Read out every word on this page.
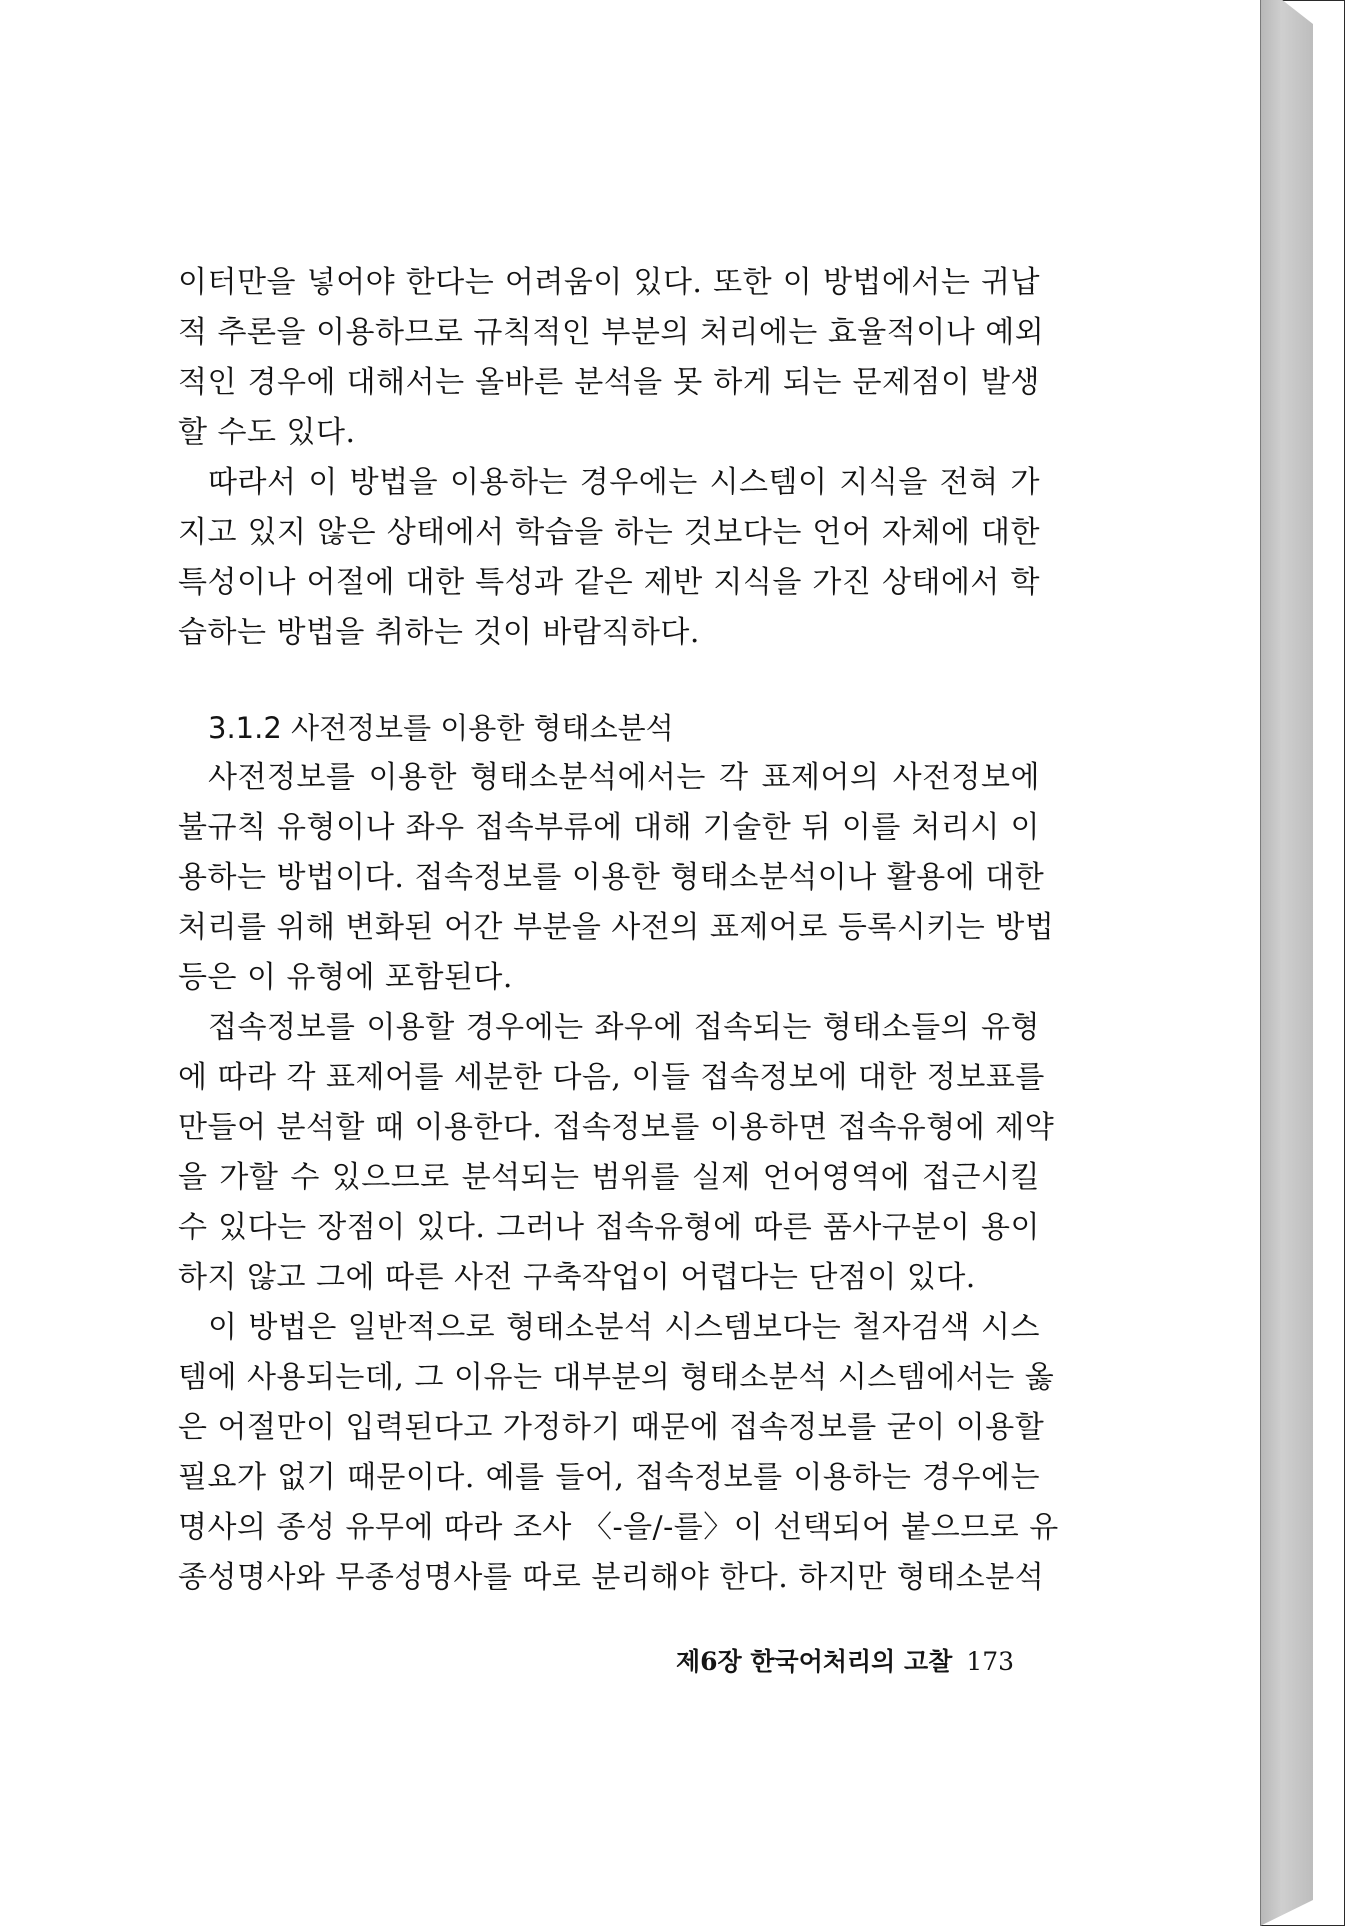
이터만을 넣어야 한다는 어려움이 있다. 또한 이 방법에서는 귀납
적 추론을 이용하므로 규칙적인 부분의 처리에는 효율적이나 예외
적인 경우에 대해서는 올바른 분석을 못 하게 되는 문제점이 발생
할 수도 있다.
따라서 이 방법을 이용하는 경우에는 시스템이 지식을 전혀 가
지고 있지 않은 상태에서 학습을 하는 것보다는 언어 자체에 대한
특성이나 어절에 대한 특성과 같은 제반 지식을 가진 상태에서 학
습하는 방법을 취하는 것이 바람직하다.
3.1.2 사전정보를 이용한 형태소분석
사전정보를 이용한 형태소분석에서는 각 표제어의 사전정보에
불규칙 유형이나 좌우 접속부류에 대해 기술한 뒤 이를 처리시 이
용하는 방법이다. 접속정보를 이용한 형태소분석이나 활용에 대한
처리를 위해 변화된 어간 부분을 사전의 표제어로 등록시키는 방법
등은 이 유형에 포함된다.
접속정보를 이용할 경우에는 좌우에 접속되는 형태소들의 유형
에 따라 각 표제어를 세분한 다음, 이들 접속정보에 대한 정보표를
만들어 분석할 때 이용한다. 접속정보를 이용하면 접속유형에 제약
을 가할 수 있으므로 분석되는 범위를 실제 언어영역에 접근시킬
수 있다는 장점이 있다. 그러나 접속유형에 따른 품사구분이 용이
하지 않고 그에 따른 사전 구축작업이 어렵다는 단점이 있다.
이 방법은 일반적으로 형태소분석 시스템보다는 철자검색 시스
템에 사용되는데, 그 이유는 대부분의 형태소분석 시스템에서는 옳
은 어절만이 입력된다고 가정하기 때문에 접속정보를 굳이 이용할
필요가 없기 때문이다. 예를 들어, 접속정보를 이용하는 경우에는
명사의 종성 유무에 따라 조사 〈-을/-를〉이 선택되어 붙으므로 유
종성명사와 무종성명사를 따로 분리해야 한다. 하지만 형태소분석
제6장 한국어처리의 고찰 173
